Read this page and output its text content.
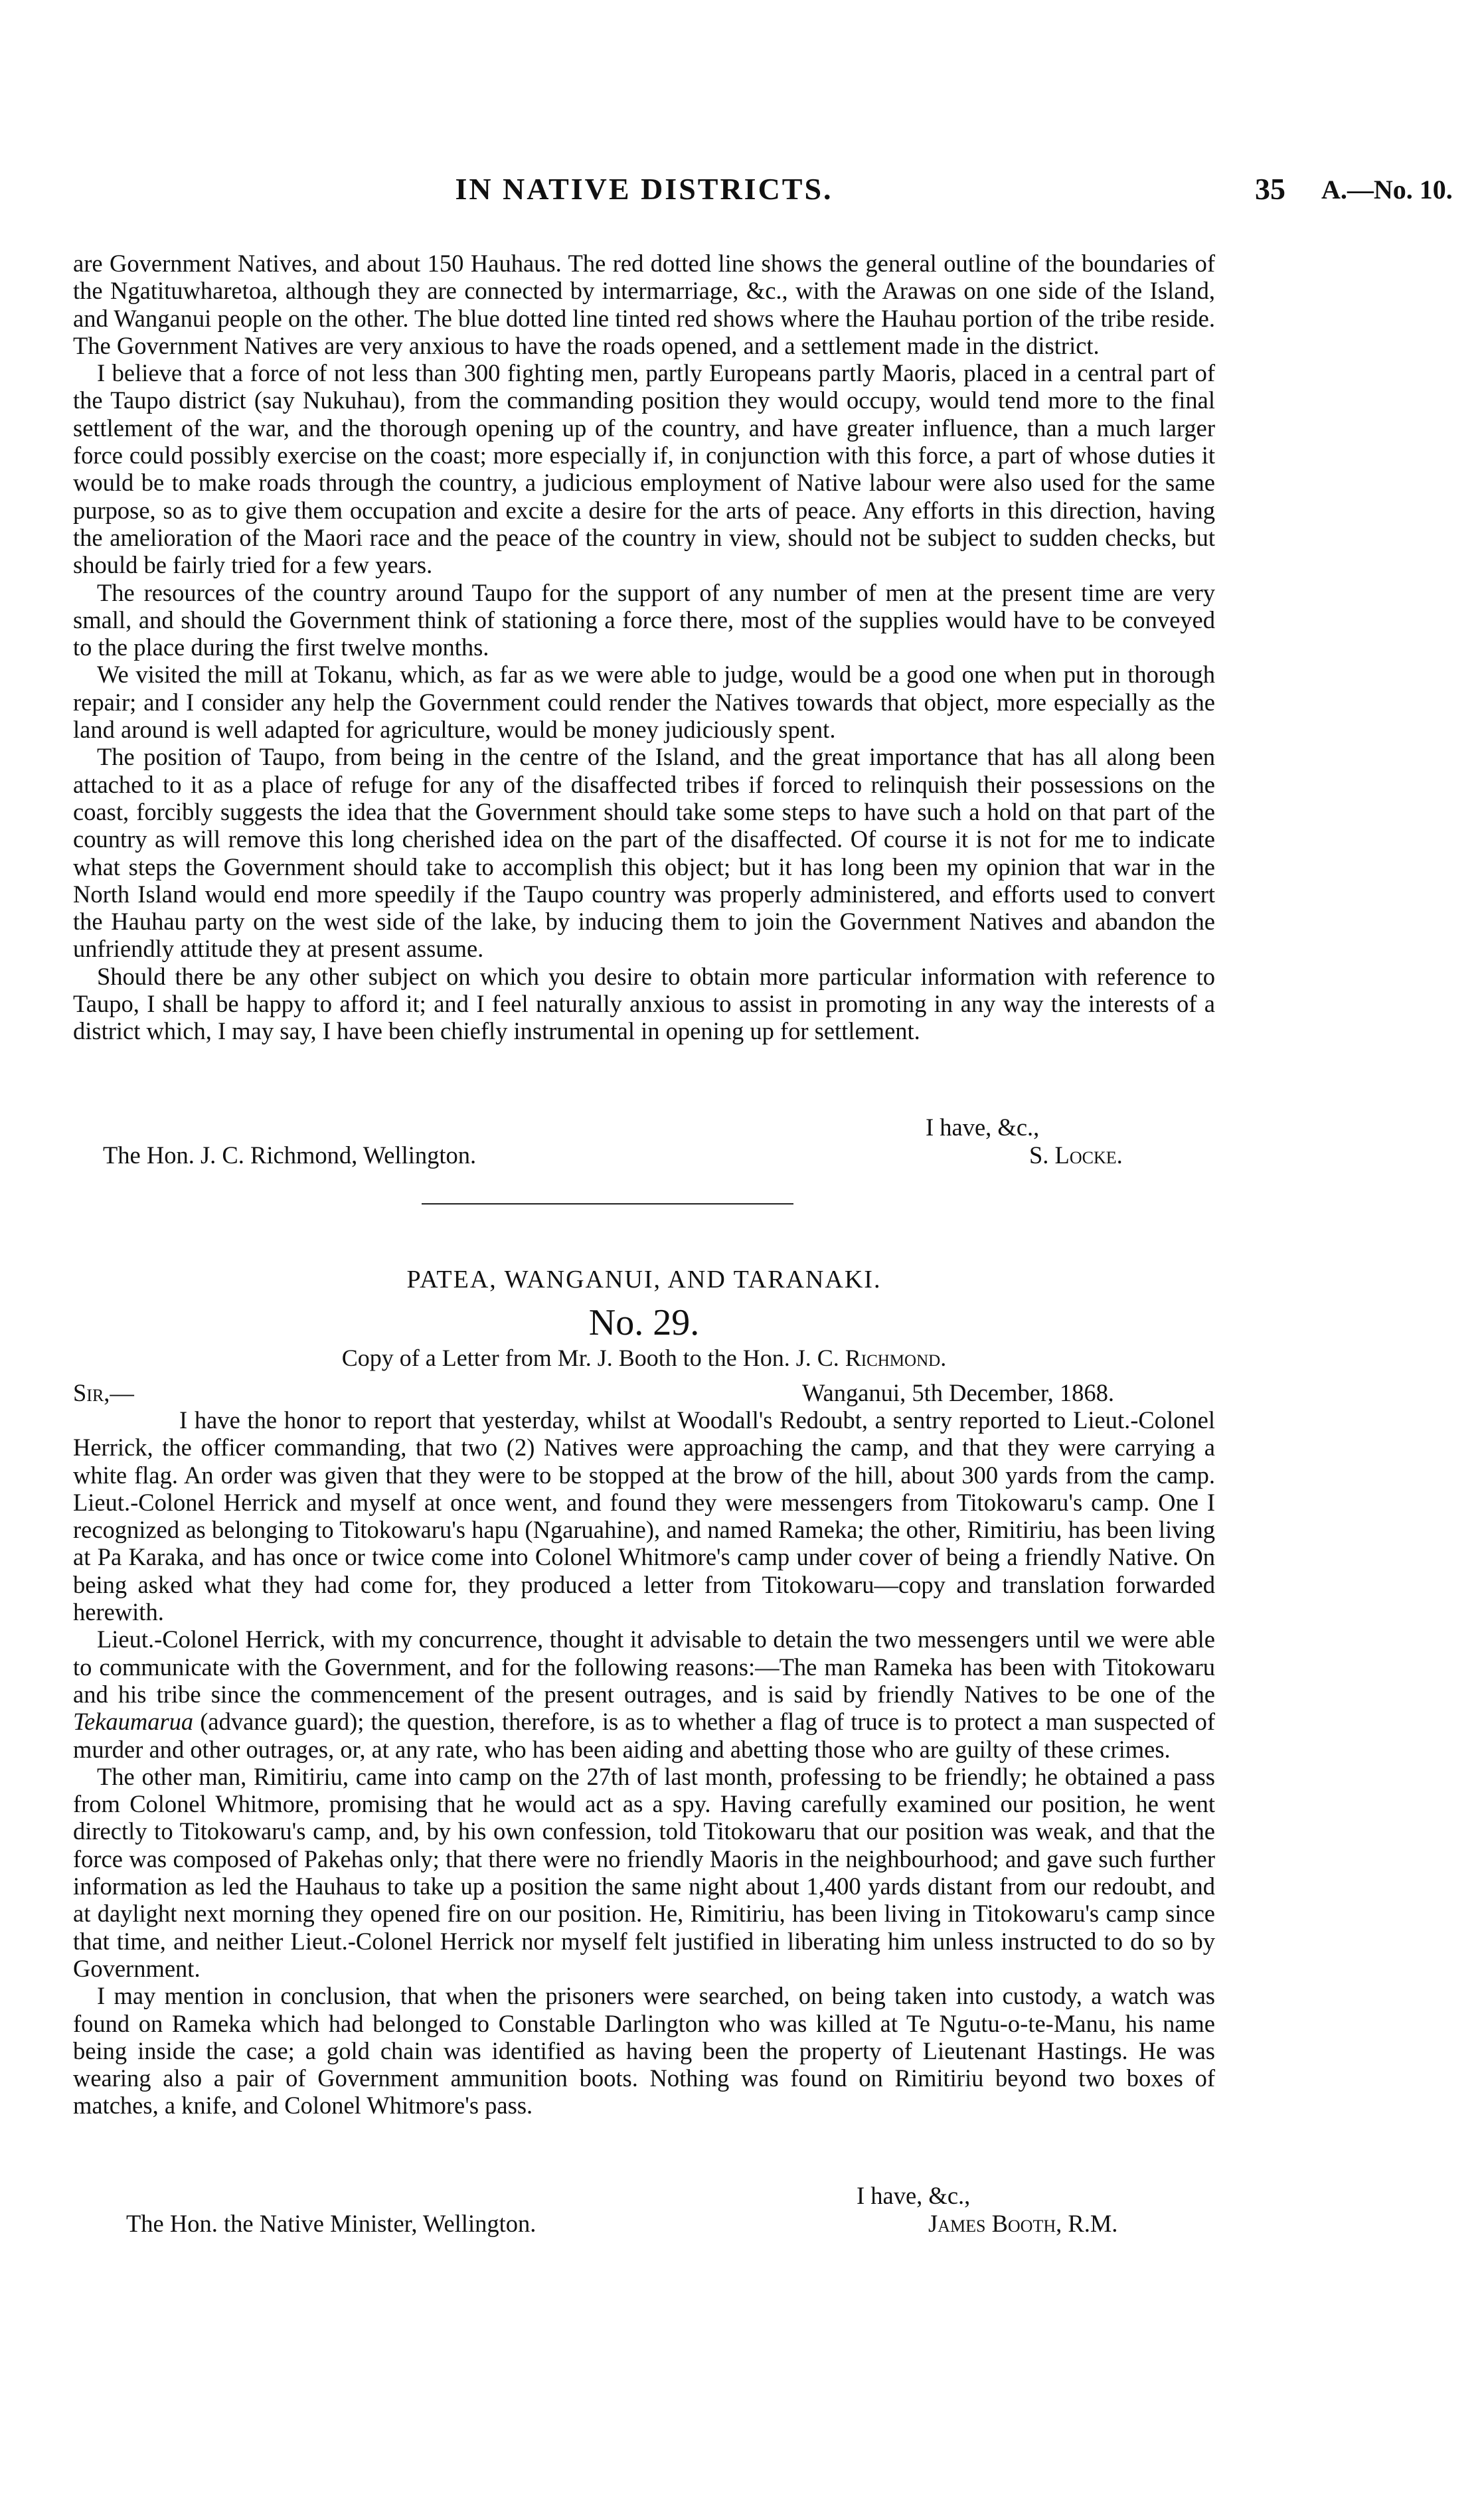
IN NATIVE DISTRICTS.	35 A.—No. 10.

are Government Natives, and about 150 Hauhaus. The red dotted line shows the general outline of the boundaries of the Ngatituwharetoa, although they are connected by intermarriage, &c., with the Arawas on one side of the Island, and Wanganui people on the other. The blue dotted line tinted red shows where the Hauhau portion of the tribe reside. The Government Natives are very anxious to have the roads opened, and a settlement made in the district.

I believe that a force of not less than 300 fighting men, partly Europeans partly Maoris, placed in a central part of the Taupo district (say Nukuhau), from the commanding position they would occupy, would tend more to the final settlement of the war, and the thorough opening up of the country, and have greater influence, than a much larger force could possibly exercise on the coast; more especially if, in conjunction with this force, a part of whose duties it would be to make roads through the country, a judicious employment of Native labour were also used for the same purpose, so as to give them occupation and excite a desire for the arts of peace. Any efforts in this direction, having the amelioration of the Maori race and the peace of the country in view, should not be subject to sudden checks, but should be fairly tried for a few years.

The resources of the country around Taupo for the support of any number of men at the present time are very small, and should the Government think of stationing a force there, most of the supplies would have to be conveyed to the place during the first twelve months.

We visited the mill at Tokanu, which, as far as we were able to judge, would be a good one when put in thorough repair; and I consider any help the Government could render the Natives towards that object, more especially as the land around is well adapted for agriculture, would be money judiciously spent.

The position of Taupo, from being in the centre of the Island, and the great importance that has all along been attached to it as a place of refuge for any of the disaffected tribes if forced to relinquish their possessions on the coast, forcibly suggests the idea that the Government should take some steps to have such a hold on that part of the country as will remove this long cherished idea on the part of the disaffected. Of course it is not for me to indicate what steps the Government should take to accomplish this object; but it has long been my opinion that war in the North Island would end more speedily if the Taupo country was properly administered, and efforts used to convert the Hauhau party on the west side of the lake, by inducing them to join the Government Natives and abandon the unfriendly attitude they at present assume.

Should there be any other subject on which you desire to obtain more particular information with reference to Taupo, I shall be happy to afford it; and I feel naturally anxious to assist in promoting in any way the interests of a district which, I may say, I have been chiefly instrumental in opening up for settlement.

I have, &c.,
The Hon. J. C. Richmond, Wellington.	S. Locke.
PATEA, WANGANUI, AND TARANAKI.
No. 29.
Copy of a Letter from Mr. J. Booth to the Hon. J. C. Richmond.
Sir,—	Wanganui, 5th December, 1868.

I have the honor to report that yesterday, whilst at Woodall's Redoubt, a sentry reported to Lieut.-Colonel Herrick, the officer commanding, that two (2) Natives were approaching the camp, and that they were carrying a white flag. An order was given that they were to be stopped at the brow of the hill, about 300 yards from the camp. Lieut.-Colonel Herrick and myself at once went, and found they were messengers from Titokowaru's camp. One I recognized as belonging to Titokowaru's hapu (Ngaruahine), and named Rameka; the other, Rimitiriu, has been living at Pa Karaka, and has once or twice come into Colonel Whitmore's camp under cover of being a friendly Native. On being asked what they had come for, they produced a letter from Titokowaru—copy and translation forwarded herewith.

Lieut.-Colonel Herrick, with my concurrence, thought it advisable to detain the two messengers until we were able to communicate with the Government, and for the following reasons:—The man Rameka has been with Titokowaru and his tribe since the commencement of the present outrages, and is said by friendly Natives to be one of the Tekaumarua (advance guard); the question, therefore, is as to whether a flag of truce is to protect a man suspected of murder and other outrages, or, at any rate, who has been aiding and abetting those who are guilty of these crimes.

The other man, Rimitiriu, came into camp on the 27th of last month, professing to be friendly; he obtained a pass from Colonel Whitmore, promising that he would act as a spy. Having carefully examined our position, he went directly to Titokowaru's camp, and, by his own confession, told Titokowaru that our position was weak, and that the force was composed of Pakehas only; that there were no friendly Maoris in the neighbourhood; and gave such further information as led the Hauhaus to take up a position the same night about 1,400 yards distant from our redoubt, and at daylight next morning they opened fire on our position. He, Rimitiriu, has been living in Titokowaru's camp since that time, and neither Lieut.-Colonel Herrick nor myself felt justified in liberating him unless instructed to do so by Government.

I may mention in conclusion, that when the prisoners were searched, on being taken into custody, a watch was found on Rameka which had belonged to Constable Darlington who was killed at Te Ngutu-o-te-Manu, his name being inside the case; a gold chain was identified as having been the property of Lieutenant Hastings. He was wearing also a pair of Government ammunition boots. Nothing was found on Rimitiriu beyond two boxes of matches, a knife, and Colonel Whitmore's pass.

I have, &c.,
The Hon. the Native Minister, Wellington.	James Booth, R.M.
